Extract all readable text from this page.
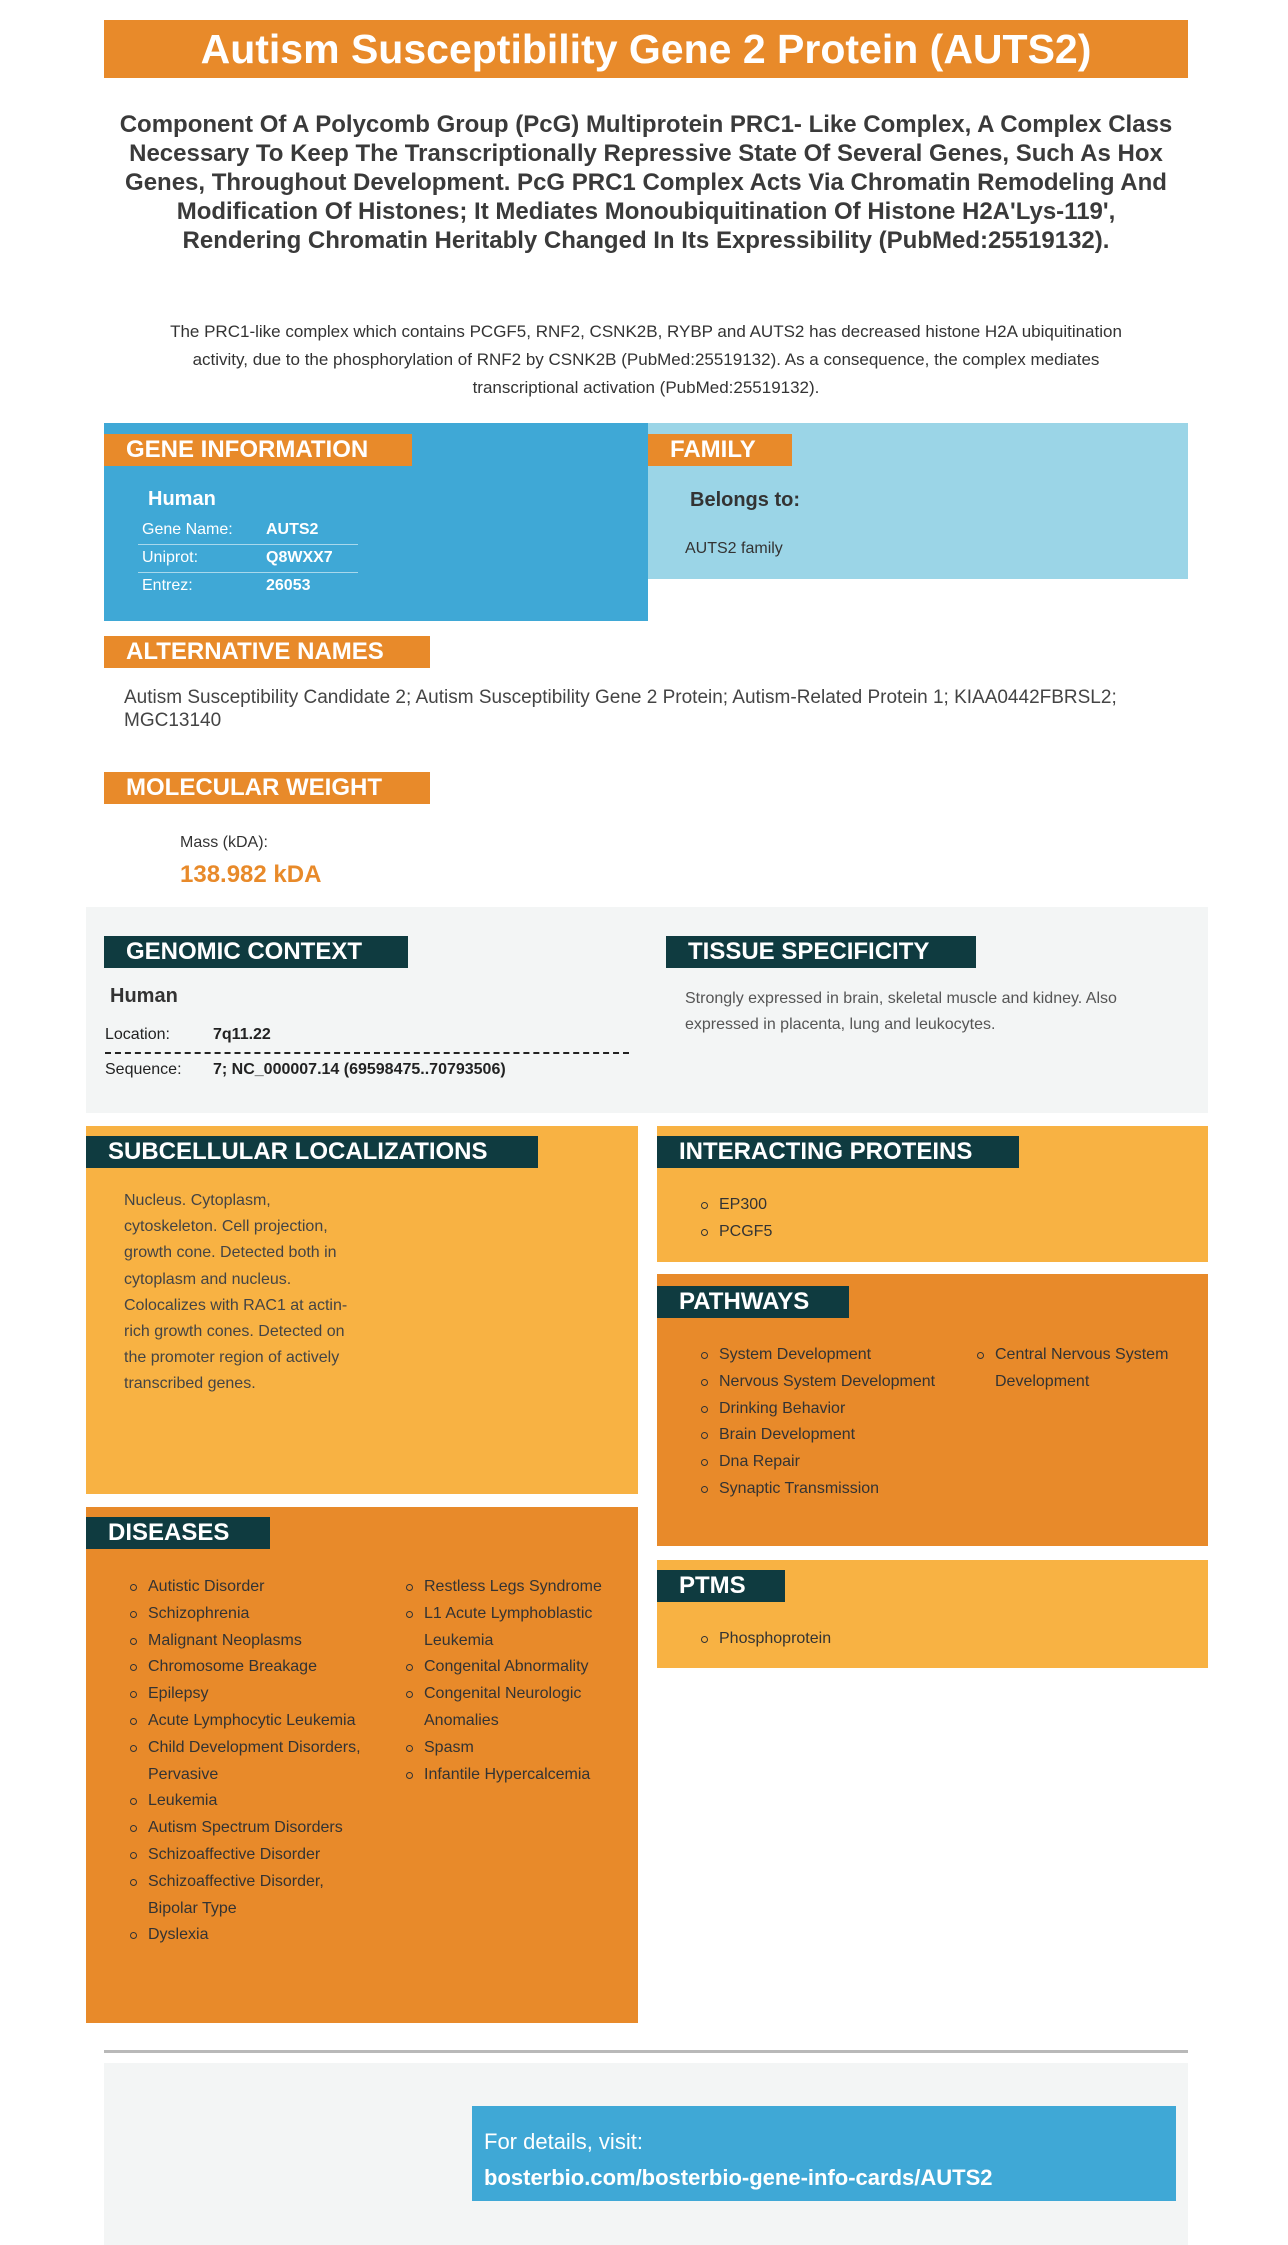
Autism Susceptibility Gene 2 Protein (AUTS2)
Component Of A Polycomb Group (PcG) Multiprotein PRC1- Like Complex, A Complex Class Necessary To Keep The Transcriptionally Repressive State Of Several Genes, Such As Hox Genes, Throughout Development. PcG PRC1 Complex Acts Via Chromatin Remodeling And Modification Of Histones; It Mediates Monoubiquitination Of Histone H2A'Lys-119', Rendering Chromatin Heritably Changed In Its Expressibility (PubMed:25519132).
The PRC1-like complex which contains PCGF5, RNF2, CSNK2B, RYBP and AUTS2 has decreased histone H2A ubiquitination activity, due to the phosphorylation of RNF2 by CSNK2B (PubMed:25519132). As a consequence, the complex mediates transcriptional activation (PubMed:25519132).
GENE INFORMATION
Human
Gene Name:	AUTS2
Uniprot:	Q8WXX7
Entrez:	26053
FAMILY
Belongs to:
AUTS2 family
ALTERNATIVE NAMES
Autism Susceptibility Candidate 2; Autism Susceptibility Gene 2 Protein; Autism-Related Protein 1; KIAA0442FBRSL2; MGC13140
MOLECULAR WEIGHT
Mass (kDA):
138.982 kDA
GENOMIC CONTEXT
Human
Location:	7q11.22
Sequence: 7; NC_000007.14 (69598475..70793506)
TISSUE SPECIFICITY
Strongly expressed in brain, skeletal muscle and kidney. Also expressed in placenta, lung and leukocytes.
SUBCELLULAR LOCALIZATIONS
Nucleus. Cytoplasm, cytoskeleton. Cell projection, growth cone. Detected both in cytoplasm and nucleus. Colocalizes with RAC1 at actin-rich growth cones. Detected on the promoter region of actively transcribed genes.
DISEASES
Autistic Disorder
Schizophrenia
Malignant Neoplasms
Chromosome Breakage
Epilepsy
Acute Lymphocytic Leukemia
Child Development Disorders, Pervasive
Leukemia
Autism Spectrum Disorders
Schizoaffective Disorder
Schizoaffective Disorder, Bipolar Type
Dyslexia
Restless Legs Syndrome
L1 Acute Lymphoblastic Leukemia
Congenital Abnormality
Congenital Neurologic Anomalies
Spasm
Infantile Hypercalcemia
INTERACTING PROTEINS
EP300
PCGF5
PATHWAYS
System Development
Nervous System Development
Drinking Behavior
Brain Development
Dna Repair
Synaptic Transmission
Central Nervous System Development
PTMS
Phosphoprotein
For details, visit:
bosterbio.com/bosterbio-gene-info-cards/AUTS2
